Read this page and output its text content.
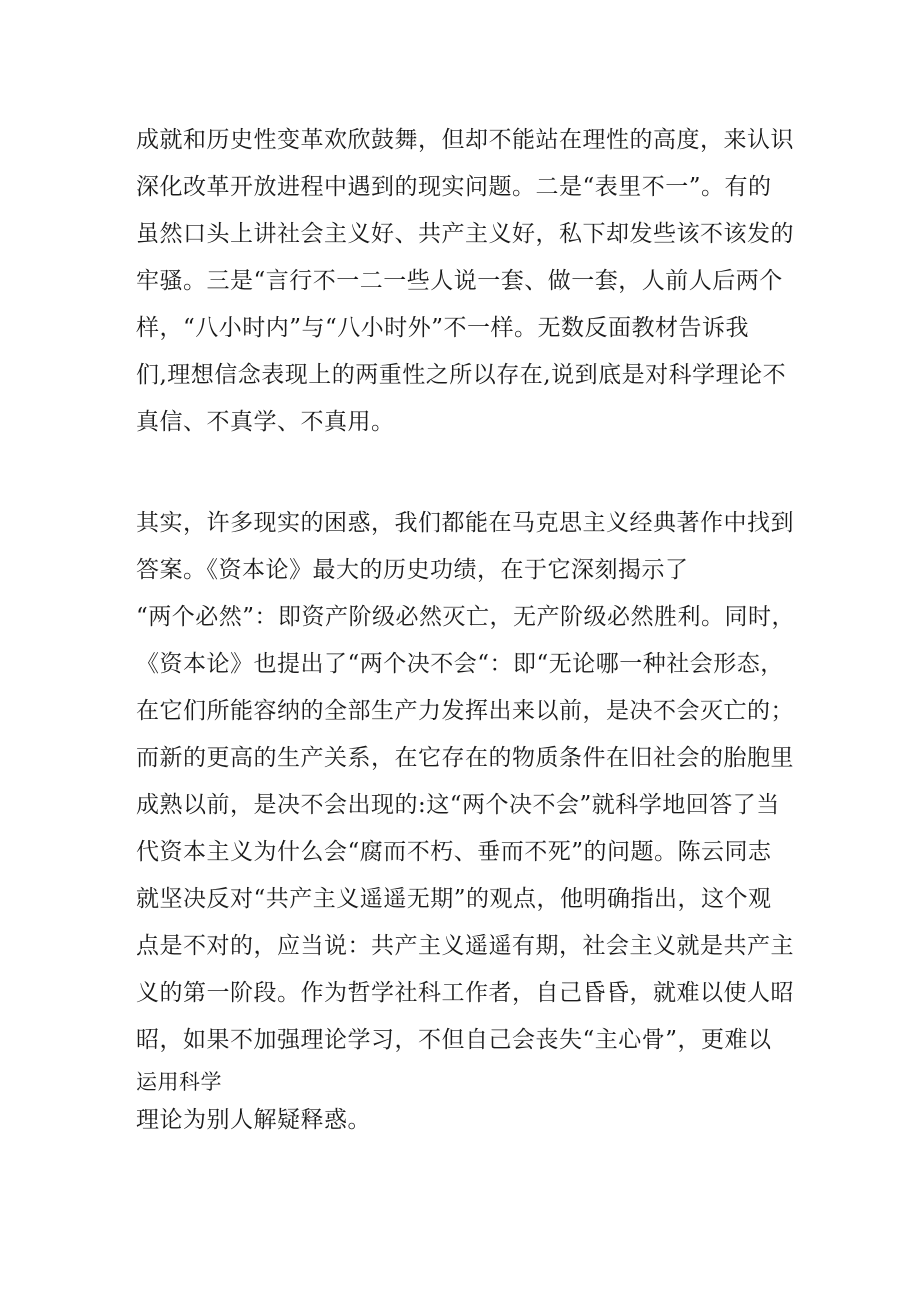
成就和历史性变革欢欣鼓舞，但却不能站在理性的高度，来认识
深化改革开放进程中遇到的现实问题。二是“表里不一”。有的
虽然口头上讲社会主义好、共产主义好，私下却发些该不该发的
牢骚。三是“言行不一二一些人说一套、做一套，人前人后两个
样，“八小时内”与“八小时外”不一样。无数反面教材告诉我
们,理想信念表现上的两重性之所以存在,说到底是对科学理论不
真信、不真学、不真用。
其实，许多现实的困惑，我们都能在马克思主义经典著作中找到
答案。《资本论》最大的历史功绩，在于它深刻揭示了
“两个必然”：即资产阶级必然灭亡，无产阶级必然胜利。同时，
《资本论》也提出了“两个决不会“：即“无论哪一种社会形态，
在它们所能容纳的全部生产力发挥出来以前，是决不会灭亡的；
而新的更高的生产关系，在它存在的物质条件在旧社会的胎胞里
成熟以前，是决不会出现的:这“两个决不会”就科学地回答了当
代资本主义为什么会“腐而不朽、垂而不死”的问题。陈云同志
就坚决反对“共产主义遥遥无期”的观点，他明确指出，这个观
点是不对的，应当说：共产主义遥遥有期，社会主义就是共产主
义的第一阶段。作为哲学社科工作者，自己昏昏，就难以使人昭
昭，如果不加强理论学习，不但自己会丧失“主心骨”，更难以
运用科学
理论为别人解疑释惑。
